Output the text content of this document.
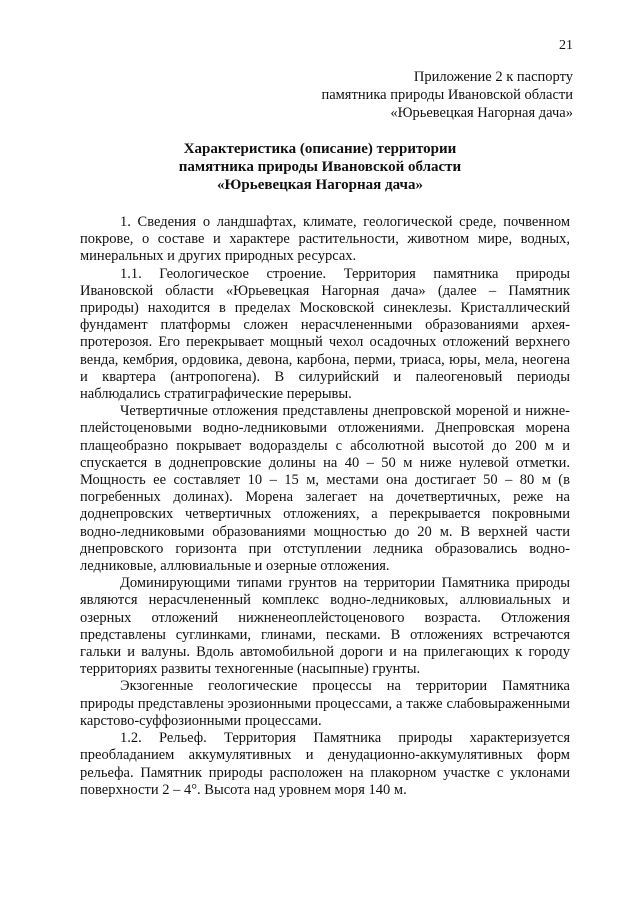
21
Приложение 2 к паспорту
памятника природы Ивановской области
«Юрьевецкая Нагорная дача»
Характеристика (описание) территории
памятника природы Ивановской области
«Юрьевецкая Нагорная дача»

1. Сведения о ландшафтах, климате, геологической среде, почвенном покрове, о составе и характере растительности, животном мире, водных, минеральных и других природных ресурсах.

1.1. Геологическое строение. Территория памятника природы Ивановской области «Юрьевецкая Нагорная дача» (далее – Памятник природы) находится в пределах Московской синеклезы. Кристаллический фундамент платформы сложен нерасчлененными образованиями архея-протерозоя. Его перекрывает мощный чехол осадочных отложений верхнего венда, кембрия, ордовика, девона, карбона, перми, триаса, юры, мела, неогена и квартера (антропогена). В силурийский и палеогеновый периоды наблюдались стратиграфические перерывы.

Четвертичные отложения представлены днепровской мореной и нижне-плейстоценовыми водно-ледниковыми отложениями. Днепровская морена плащеобразно покрывает водоразделы с абсолютной высотой до 200 м и спускается в доднепровские долины на 40 – 50 м ниже нулевой отметки. Мощность ее составляет 10 – 15 м, местами она достигает 50 – 80 м (в погребенных долинах). Морена залегает на дочетвертичных, реже на доднепровских четвертичных отложениях, а перекрывается покровными водно-ледниковыми образованиями мощностью до 20 м. В верхней части днепровского горизонта при отступлении ледника образовались водно-ледниковые, аллювиальные и озерные отложения.

Доминирующими типами грунтов на территории Памятника природы являются нерасчлененный комплекс водно-ледниковых, аллювиальных и озерных отложений нижненеоплейстоценового возраста. Отложения представлены суглинками, глинами, песками. В отложениях встречаются гальки и валуны. Вдоль автомобильной дороги и на прилегающих к городу территориях развиты техногенные (насыпные) грунты.

Экзогенные геологические процессы на территории Памятника природы представлены эрозионными процессами, а также слабовыраженными карстово-суффозионными процессами.

1.2. Рельеф. Территория Памятника природы характеризуется преобладанием аккумулятивных и денудационно-аккумулятивных форм рельефа. Памятник природы расположен на плакорном участке с уклонами поверхности 2 – 4°. Высота над уровнем моря 140 м.
